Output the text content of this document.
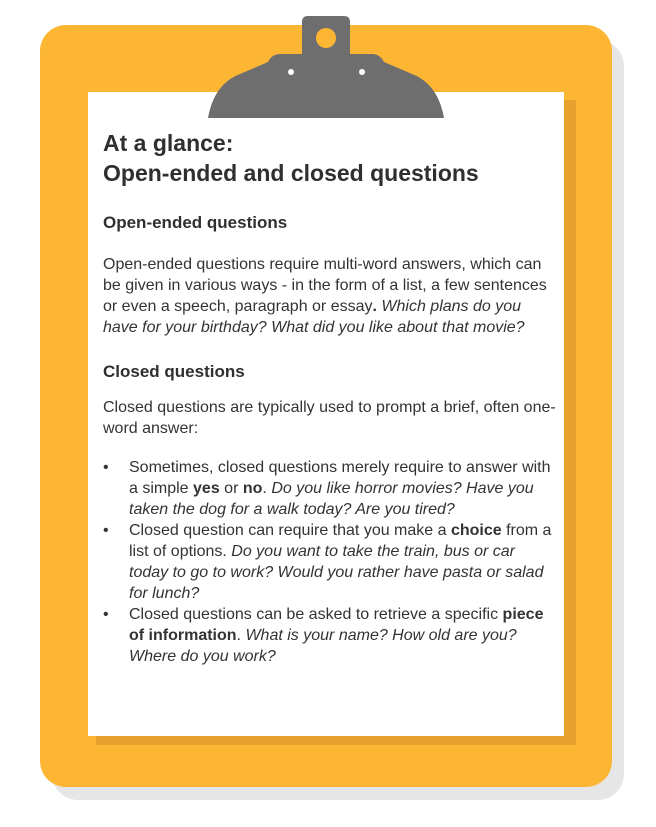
At a glance:
Open-ended and closed questions
Open-ended questions

Open-ended questions require multi-word answers, which can be given in various ways - in the form of a list, a few sentences or even a speech, paragraph or essay. Which plans do you have for your birthday? What did you like about that movie?

Closed questions

Closed questions are typically used to prompt a brief, often one-word answer:

• Sometimes, closed questions merely require to answer with a simple yes or no. Do you like horror movies? Have you taken the dog for a walk today? Are you tired?
• Closed question can require that you make a choice from a list of options. Do you want to take the train, bus or car today to go to work? Would you rather have pasta or salad for lunch?
• Closed questions can be asked to retrieve a specific piece of information. What is your name? How old are you? Where do you work?
